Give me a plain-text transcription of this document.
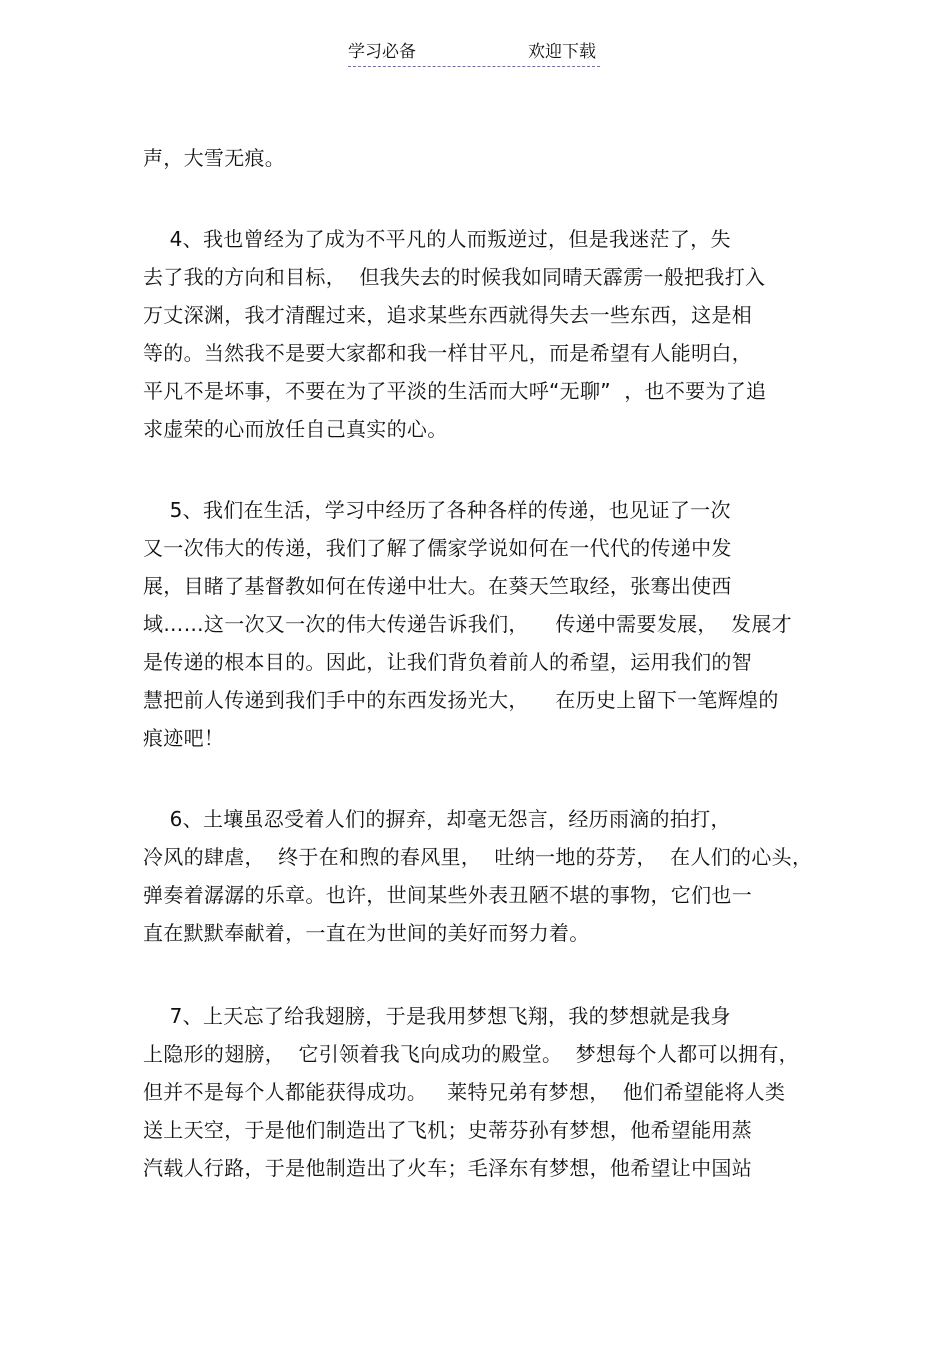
学习必备	欢迎下载
声，大雪无痕。
4、我也曾经为了成为不平凡的人而叛逆过，但是我迷茫了，失
去了我的方向和目标，  但我失去的时候我如同晴天霹雳一般把我打入
万丈深渊，我才清醒过来，追求某些东西就得失去一些东西，这是相
等的。当然我不是要大家都和我一样甘平凡，而是希望有人能明白，
平凡不是坏事，不要在为了平淡的生活而大呼“无聊”  ，也不要为了追
求虚荣的心而放任自己真实的心。
5、我们在生活，学习中经历了各种各样的传递，也见证了一次
又一次伟大的传递，我们了解了儒家学说如何在一代代的传递中发
展，目睹了基督教如何在传递中壮大。在葵天竺取经，张骞出使西
域……这一次又一次的伟大传递告诉我们，    传递中需要发展，  发展才
是传递的根本目的。因此，让我们背负着前人的希望，运用我们的智
慧把前人传递到我们手中的东西发扬光大，    在历史上留下一笔辉煌的
痕迹吧！
6、土壤虽忍受着人们的摒弃，却毫无怨言，经历雨滴的拍打，
冷风的肆虐，  终于在和煦的春风里，  吐纳一地的芬芳，  在人们的心头，
弹奏着潺潺的乐章。也许，世间某些外表丑陋不堪的事物，它们也一
直在默默奉献着，一直在为世间的美好而努力着。
7、上天忘了给我翅膀，于是我用梦想飞翔，我的梦想就是我身
上隐形的翅膀，  它引领着我飞向成功的殿堂。  梦想每个人都可以拥有，
但并不是每个人都能获得成功。   莱特兄弟有梦想，  他们希望能将人类
送上天空，于是他们制造出了飞机；史蒂芬孙有梦想，他希望能用蒸
汽载人行路，于是他制造出了火车；毛泽东有梦想，他希望让中国站
